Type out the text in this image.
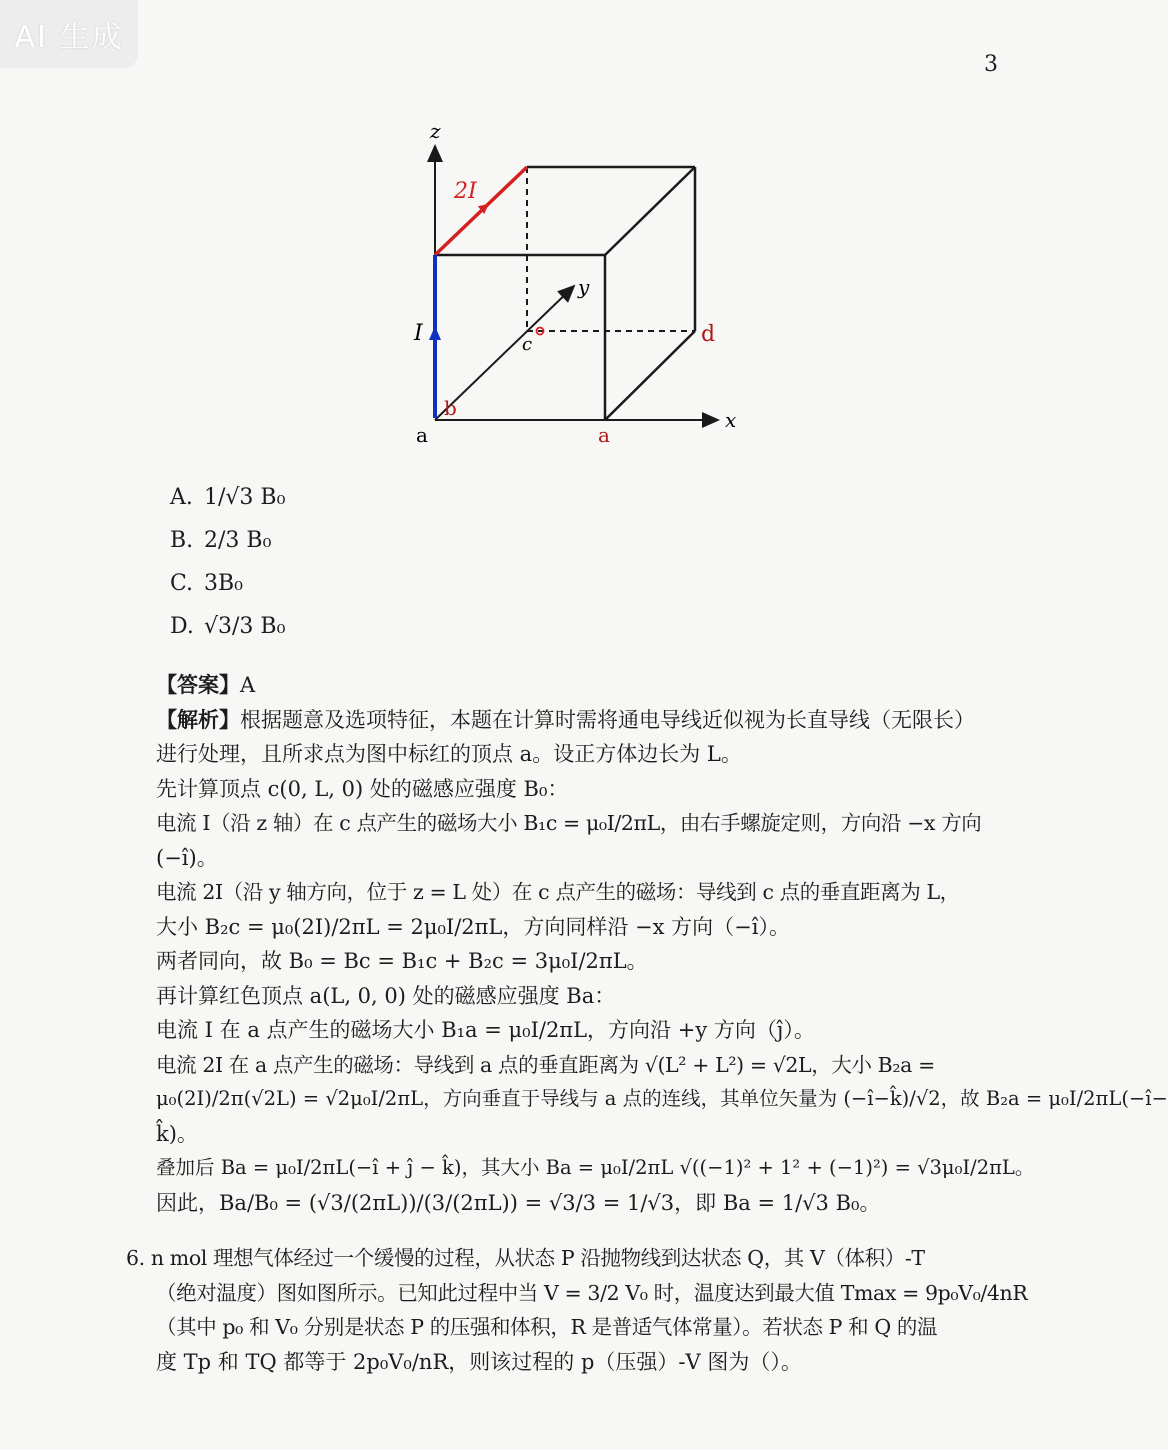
AI 生成
3
z
2I
y
I	c	d
b
a	a
x
A. 1/√3 B₀
B. 2/3 B₀
C. 3B₀
D. √3/3 B₀
【答案】A
【解析】根据题意及选项特征，本题在计算时需将通电导线近似视为长直导线（无限长）
进行处理，且所求点为图中标红的顶点 a。设正方体边长为 L。
先计算顶点 c(0, L, 0) 处的磁感应强度 B₀：
电流 I（沿 z 轴）在 c 点产生的磁场大小 B₁c = μ₀I/2πL，由右手螺旋定则，方向沿 −x 方向
(−î)。
电流 2I（沿 y 轴方向，位于 z = L 处）在 c 点产生的磁场：导线到 c 点的垂直距离为 L，
大小 B₂c = μ₀(2I)/2πL = 2μ₀I/2πL，方向同样沿 −x 方向（−î）。
两者同向，故 B₀ = Bc = B₁c + B₂c = 3μ₀I/2πL。
再计算红色顶点 a(L, 0, 0) 处的磁感应强度 Ba：
电流 I 在 a 点产生的磁场大小 B₁a = μ₀I/2πL，方向沿 +y 方向（ĵ）。
电流 2I 在 a 点产生的磁场：导线到 a 点的垂直距离为 √(L² + L²) = √2L，大小 B₂a =
μ₀(2I)/2π(√2L) = √2μ₀I/2πL，方向垂直于导线与 a 点的连线，其单位矢量为 (−î−k̂)/√2，故 B₂a = μ₀I/2πL(−î−
k̂)。
叠加后 Ba = μ₀I/2πL(−î + ĵ − k̂)，其大小 Ba = μ₀I/2πL √((−1)² + 1² + (−1)²) = √3μ₀I/2πL。
因此，Ba/B₀ = (√3/(2πL))/(3/(2πL)) = √3/3 = 1/√3，即 Ba = 1/√3 B₀。
6. n mol 理想气体经过一个缓慢的过程，从状态 P 沿抛物线到达状态 Q，其 V（体积）-T
（绝对温度）图如图所示。已知此过程中当 V = 3/2 V₀ 时，温度达到最大值 Tmax = 9p₀V₀/4nR
（其中 p₀ 和 V₀ 分别是状态 P 的压强和体积，R 是普适气体常量）。若状态 P 和 Q 的温
度 Tp 和 TQ 都等于 2p₀V₀/nR，则该过程的 p（压强）-V 图为（）。
